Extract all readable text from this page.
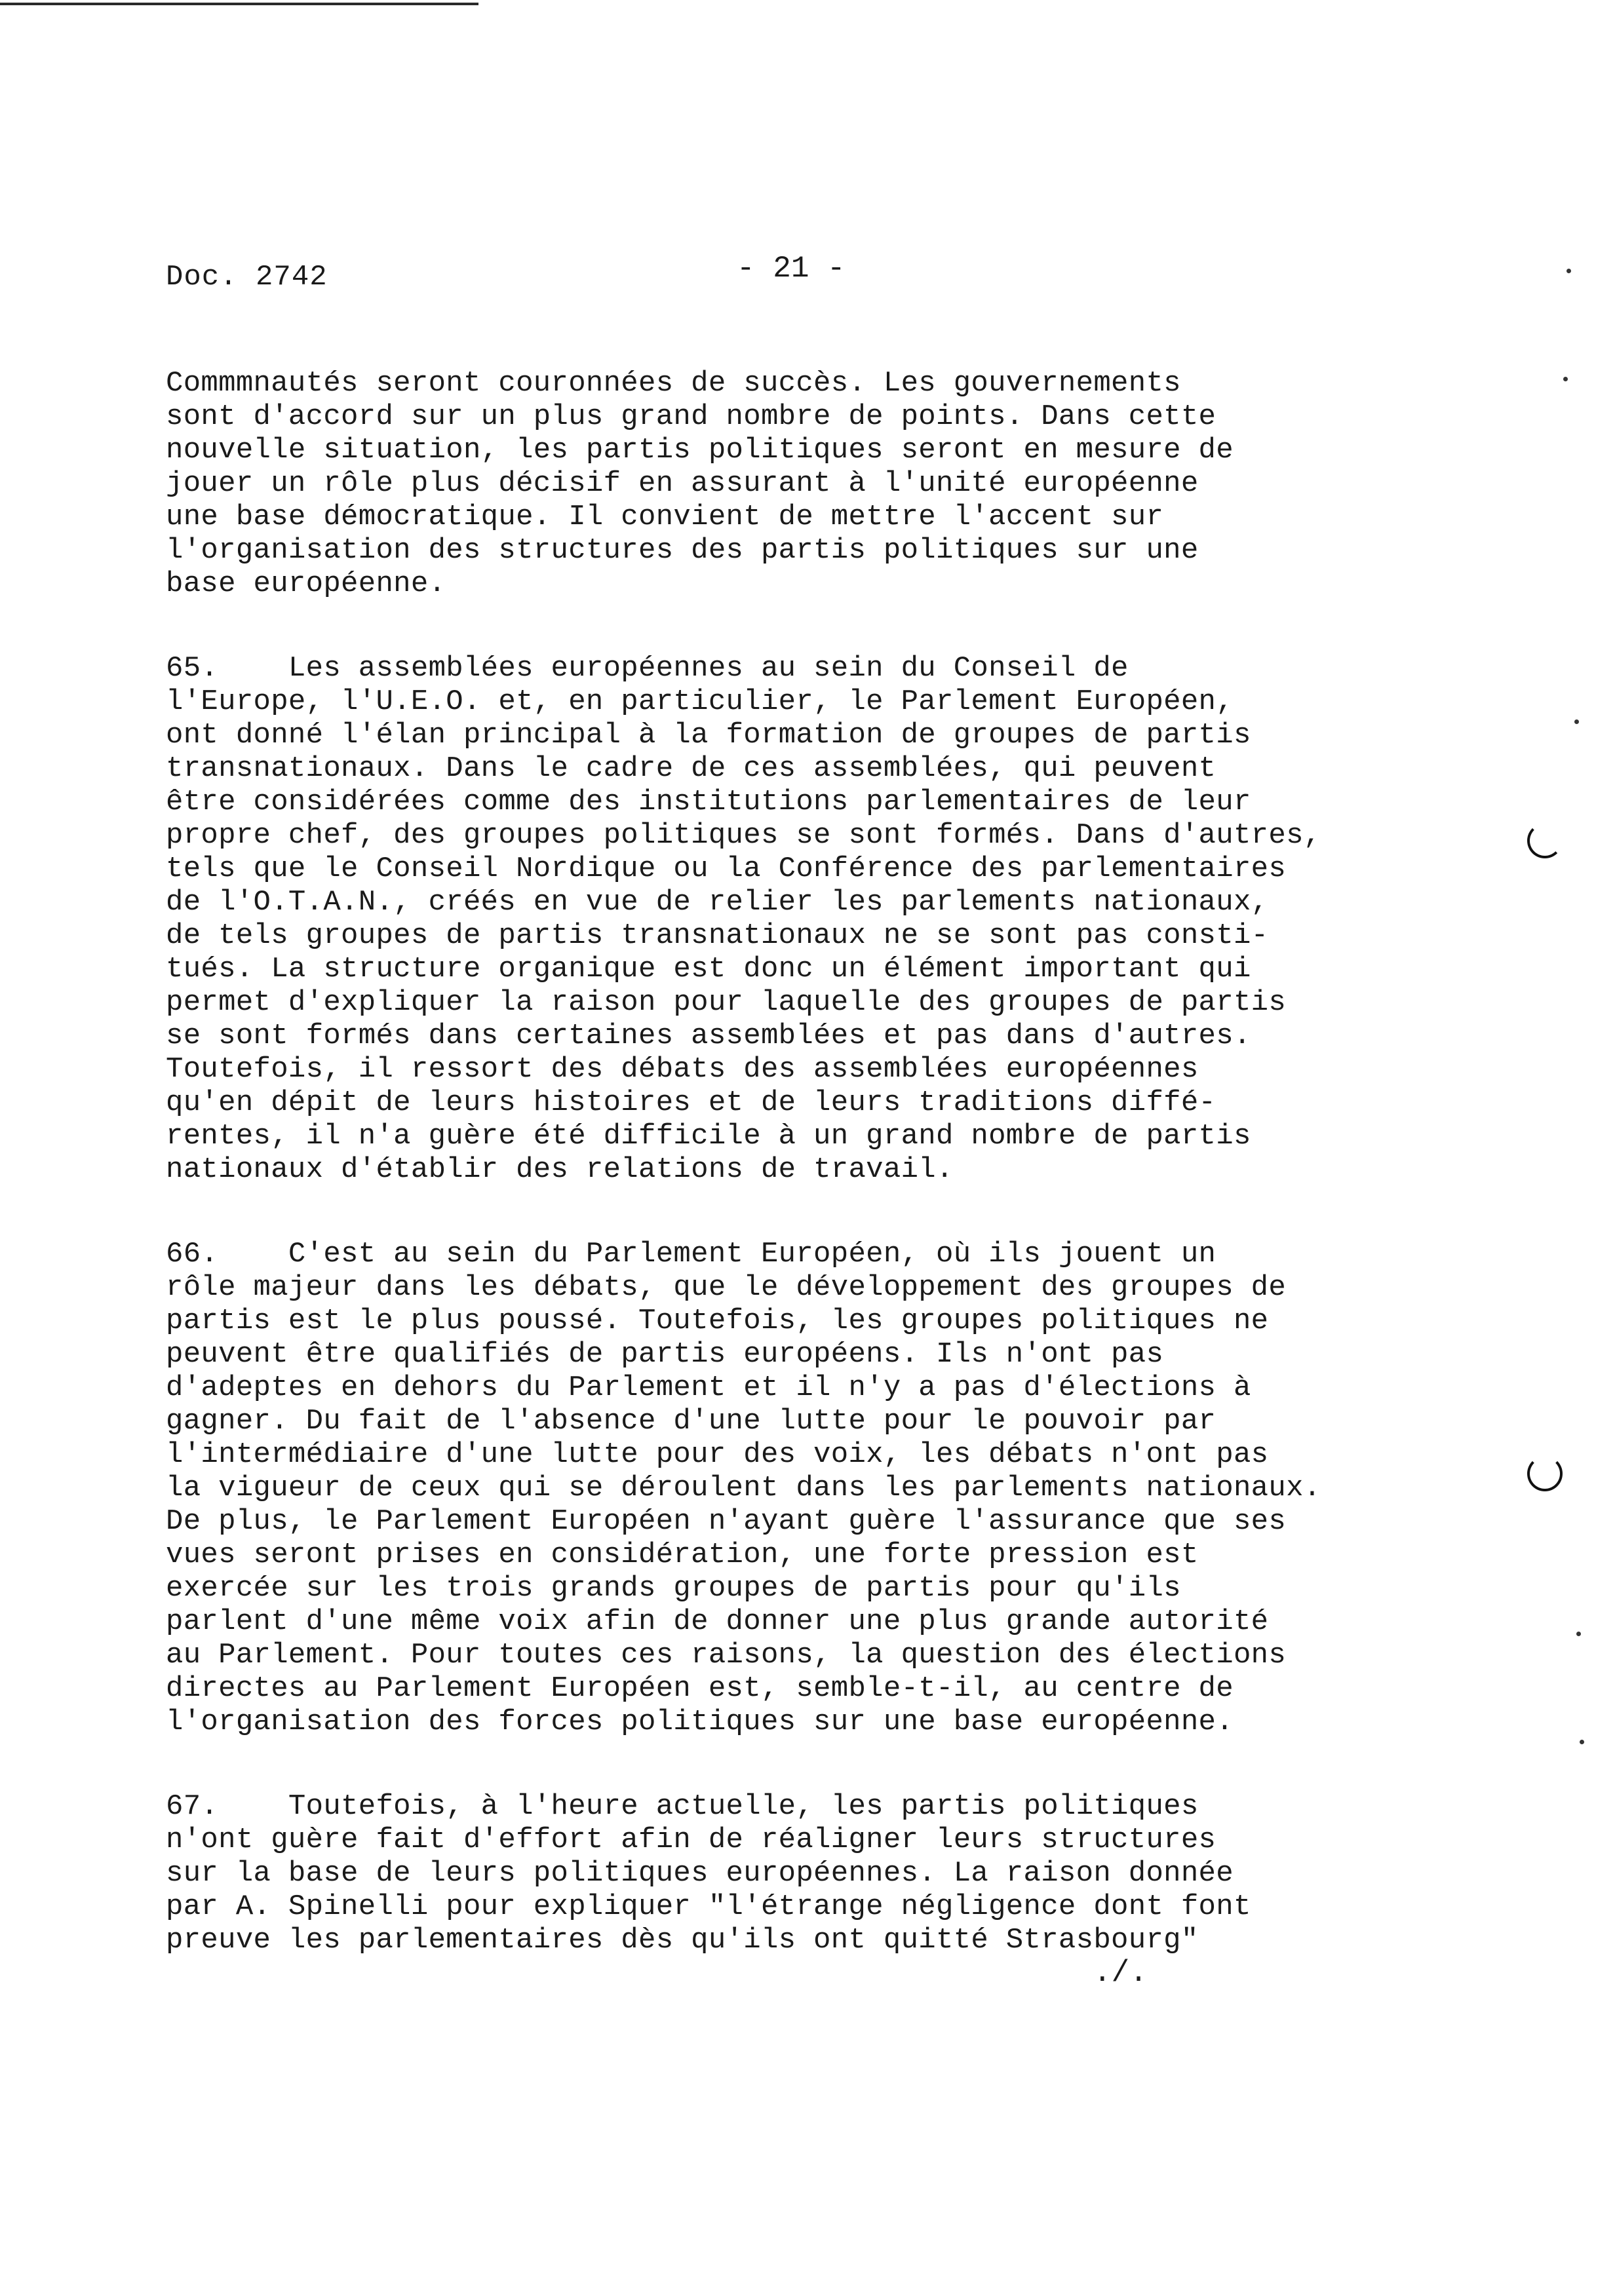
Doc. 2742	- 21 -
Commmnautés seront couronnées de succès. Les gouvernements
sont d'accord sur un plus grand nombre de points. Dans cette
nouvelle situation, les partis politiques seront en mesure de
jouer un rôle plus décisif en assurant à l'unité européenne
une base démocratique. Il convient de mettre l'accent sur
l'organisation des structures des partis politiques sur une
base européenne.
65.    Les assemblées européennes au sein du Conseil de
l'Europe, l'U.E.O. et, en particulier, le Parlement Européen,
ont donné l'élan principal à la formation de groupes de partis
transnationaux. Dans le cadre de ces assemblées, qui peuvent
être considérées comme des institutions parlementaires de leur
propre chef, des groupes politiques se sont formés. Dans d'autres,
tels que le Conseil Nordique ou la Conférence des parlementaires
de l'O.T.A.N., créés en vue de relier les parlements nationaux,
de tels groupes de partis transnationaux ne se sont pas consti-
tués. La structure organique est donc un élément important qui
permet d'expliquer la raison pour laquelle des groupes de partis
se sont formés dans certaines assemblées et pas dans d'autres.
Toutefois, il ressort des débats des assemblées européennes
qu'en dépit de leurs histoires et de leurs traditions diffé-
rentes, il n'a guère été difficile à un grand nombre de partis
nationaux d'établir des relations de travail.
66.    C'est au sein du Parlement Européen, où ils jouent un
rôle majeur dans les débats, que le développement des groupes de
partis est le plus poussé. Toutefois, les groupes politiques ne
peuvent être qualifiés de partis européens. Ils n'ont pas
d'adeptes en dehors du Parlement et il n'y a pas d'élections à
gagner. Du fait de l'absence d'une lutte pour le pouvoir par
l'intermédiaire d'une lutte pour des voix, les débats n'ont pas
la vigueur de ceux qui se déroulent dans les parlements nationaux.
De plus, le Parlement Européen n'ayant guère l'assurance que ses
vues seront prises en considération, une forte pression est
exercée sur les trois grands groupes de partis pour qu'ils
parlent d'une même voix afin de donner une plus grande autorité
au Parlement. Pour toutes ces raisons, la question des élections
directes au Parlement Européen est, semble-t-il, au centre de
l'organisation des forces politiques sur une base européenne.
67.    Toutefois, à l'heure actuelle, les partis politiques
n'ont guère fait d'effort afin de réaligner leurs structures
sur la base de leurs politiques européennes. La raison donnée
par A. Spinelli pour expliquer "l'étrange négligence dont font
preuve les parlementaires dès qu'ils ont quitté Strasbourg"
./.
